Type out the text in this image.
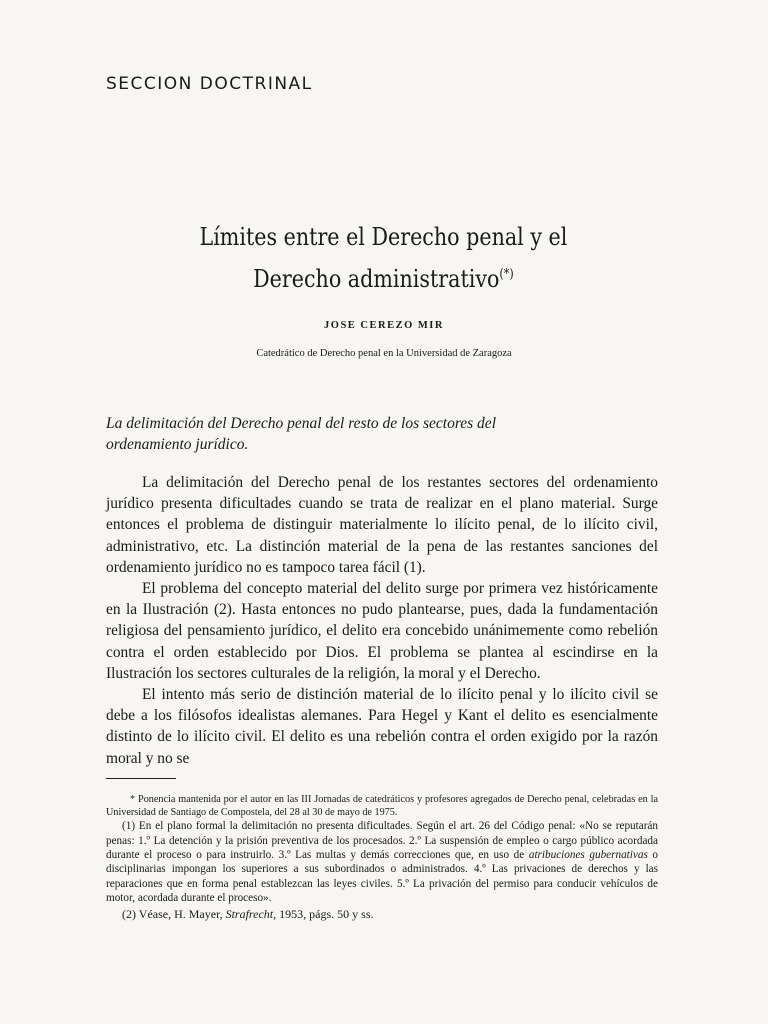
SECCION DOCTRINAL
Límites entre el Derecho penal y el
Derecho administrativo(*)
JOSE CEREZO MIR
Catedrático de Derecho penal en la Universidad de Zaragoza
La delimitación del Derecho penal del resto de los sectores del ordenamiento jurídico.

La delimitación del Derecho penal de los restantes sectores del ordenamiento jurídico presenta dificultades cuando se trata de realizar en el plano material. Surge entonces el problema de distinguir materialmente lo ilícito penal, de lo ilícito civil, administrativo, etc. La distinción material de la pena de las restantes sanciones del ordenamiento jurídico no es tampoco tarea fácil (1).

El problema del concepto material del delito surge por primera vez históricamente en la Ilustración (2). Hasta entonces no pudo plantearse, pues, dada la fundamentación religiosa del pensamiento jurídico, el delito era concebido unánimemente como rebelión contra el orden establecido por Dios. El problema se plantea al escindirse en la Ilustración los sectores culturales de la religión, la moral y el Derecho.

El intento más serio de distinción material de lo ilícito penal y lo ilícito civil se debe a los filósofos idealistas alemanes. Para Hegel y Kant el delito es esencialmente distinto de lo ilícito civil. El delito es una rebelión contra el orden exigido por la razón moral y no se

* Ponencia mantenida por el autor en las III Jornadas de catedráticos y profesores agregados de Derecho penal, celebradas en la Universidad de Santiago de Compostela, del 28 al 30 de mayo de 1975.

(1) En el plano formal la delimitación no presenta dificultades. Según el art. 26 del Código penal: «No se reputarán penas: 1.º La detención y la prisión preventiva de los procesados. 2.º La suspensión de empleo o cargo público acordada durante el proceso o para instruirlo. 3.º Las multas y demás correcciones que, en uso de atribuciones gubernativas o disciplinarias impongan los superiores a sus subordinados o administrados. 4.º Las privaciones de derechos y las reparaciones que en forma penal establezcan las leyes civiles. 5.º La privación del permiso para conducir vehículos de motor, acordada durante el proceso».

(2) Véase, H. Mayer, Strafrecht, 1953, págs. 50 y ss.
